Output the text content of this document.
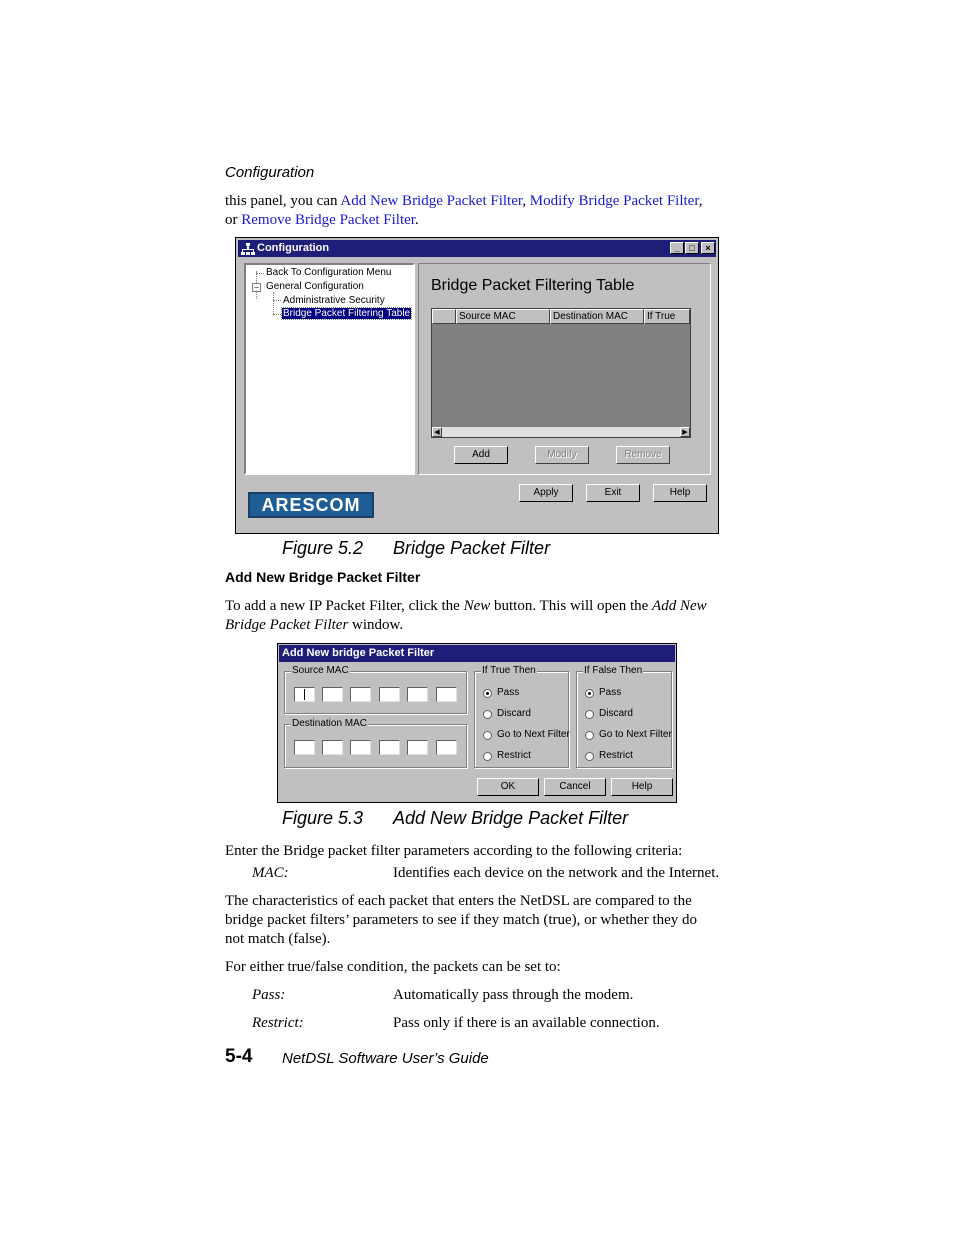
Configuration

this panel, you can Add New Bridge Packet Filter, Modify Bridge Packet Filter,

or Remove Bridge Packet Filter.

Configuration	_	□	×
Back To Configuration Menu
– General Configuration
Administrative Security
Bridge Packet Filtering Table
Bridge Packet Filtering Table
Source MAC	Destination MAC	If True
◀	▶
Add	Modify	Remove
ARESCOM
Apply	Exit	Help
Figure 5.2 Bridge Packet Filter
Add New Bridge Packet Filter

To add a new IP Packet Filter, click the New button. This will open the Add New

Bridge Packet Filter window.

Add New bridge Packet Filter
Source MAC
Destination MAC
If True Then
Pass
Discard
Go to Next Filter
Restrict
If False Then
Pass
Discard
Go to Next Filter
Restrict
OK	Cancel	Help
Figure 5.3 Add New Bridge Packet Filter

Enter the Bridge packet filter parameters according to the following criteria:

MAC:	Identifies each device on the network and the Internet.

The characteristics of each packet that enters the NetDSL are compared to the

bridge packet filters’ parameters to see if they match (true), or whether they do

not match (false).

For either true/false condition, the packets can be set to:

Pass:	Automatically pass through the modem.

Restrict:	Pass only if there is an available connection.

5-4 NetDSL Software User’s Guide
